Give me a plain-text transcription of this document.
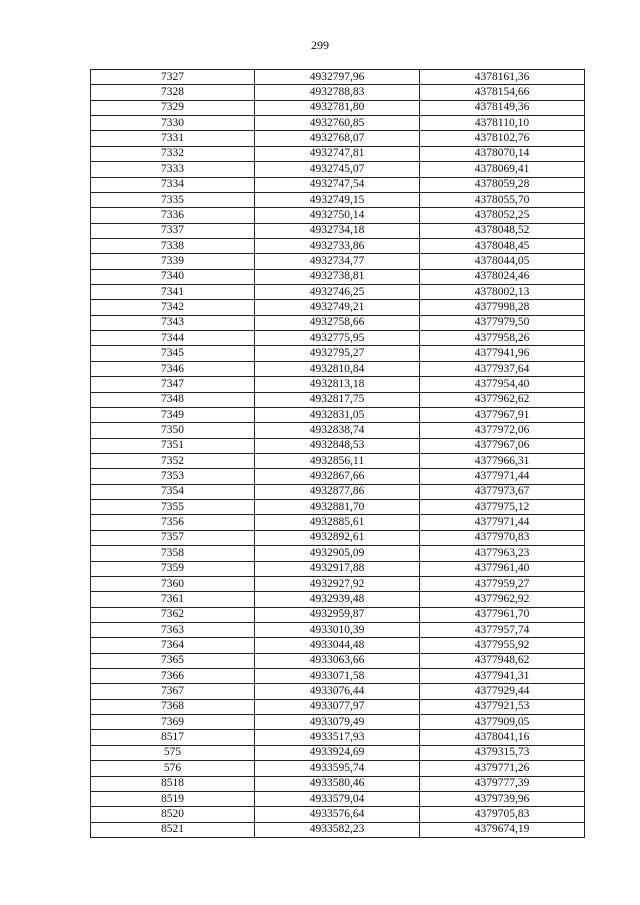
299
7327	4932797,96	4378161,36
7328	4932788,83	4378154,66
7329	4932781,80	4378149,36
7330	4932760,85	4378110,10
7331	4932768,07	4378102,76
7332	4932747,81	4378070,14
7333	4932745,07	4378069,41
7334	4932747,54	4378059,28
7335	4932749,15	4378055,70
7336	4932750,14	4378052,25
7337	4932734,18	4378048,52
7338	4932733,86	4378048,45
7339	4932734,77	4378044,05
7340	4932738,81	4378024,46
7341	4932746,25	4378002,13
7342	4932749,21	4377998,28
7343	4932758,66	4377979,50
7344	4932775,95	4377958,26
7345	4932795,27	4377941,96
7346	4932810,84	4377937,64
7347	4932813,18	4377954,40
7348	4932817,75	4377962,62
7349	4932831,05	4377967,91
7350	4932838,74	4377972,06
7351	4932848,53	4377967,06
7352	4932856,11	4377966,31
7353	4932867,66	4377971,44
7354	4932877,86	4377973,67
7355	4932881,70	4377975,12
7356	4932885,61	4377971,44
7357	4932892,61	4377970,83
7358	4932905,09	4377963,23
7359	4932917,88	4377961,40
7360	4932927,92	4377959,27
7361	4932939,48	4377962,92
7362	4932959,87	4377961,70
7363	4933010,39	4377957,74
7364	4933044,48	4377955,92
7365	4933063,66	4377948,62
7366	4933071,58	4377941,31
7367	4933076,44	4377929,44
7368	4933077,97	4377921,53
7369	4933079,49	4377909,05
8517	4933517,93	4378041,16
575	4933924,69	4379315,73
576	4933595,74	4379771,26
8518	4933580,46	4379777,39
8519	4933579,04	4379739,96
8520	4933576,64	4379705,83
8521	4933582,23	4379674,19
